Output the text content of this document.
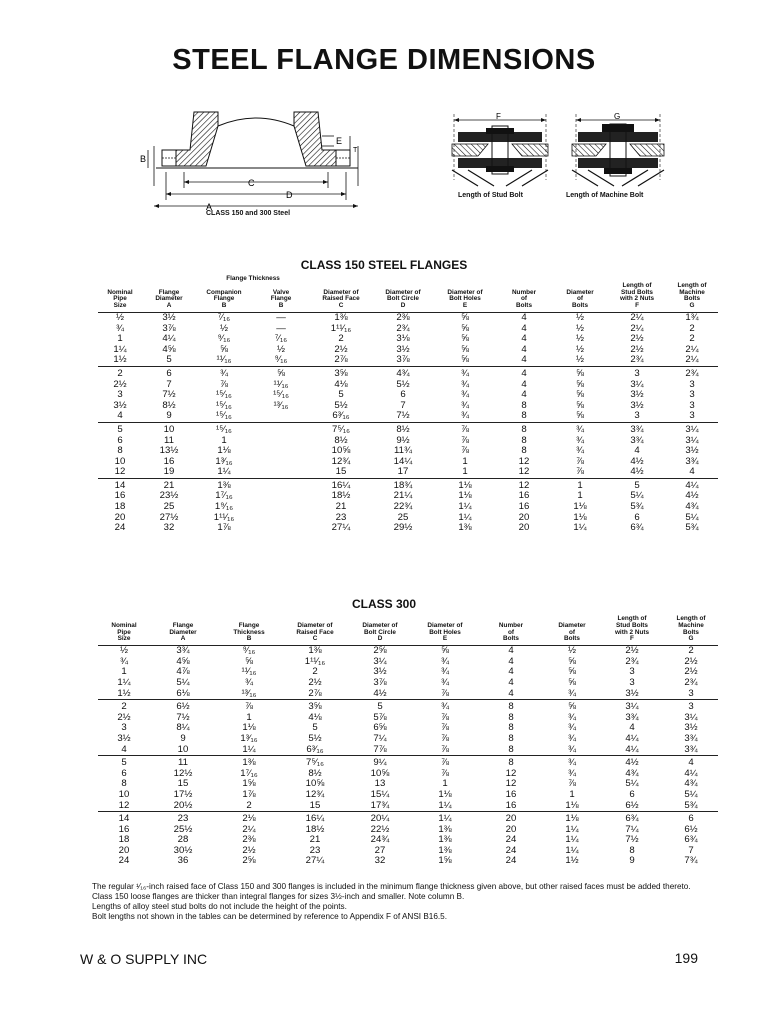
STEEL FLANGE DIMENSIONS
C
D
A
B
E
T
CLASS 150 and 300 Steel
F
Length of Stud Bolt
G
Length of Machine Bolt
CLASS 150 STEEL FLANGES
		Flange Thickness								
Nominal
Pipe
Size	Flange
Diameter
A	Companion
Flange
B	Valve
Flange
B	Diameter of
Raised Face
C	Diameter of
Bolt Circle
D	Diameter of
Bolt Holes
E	Number
of
Bolts	Diameter
of
Bolts	Length of
Stud Bolts
with 2 Nuts
F	Length of
Machine
Bolts
G
½	3½	⁷⁄₁₆	—	1⅜	2⅜	⅝	4	½	2¼	1¾
¾	3⅞	½	—	1¹¹⁄₁₆	2¾	⅝	4	½	2¼	2
1	4¼	⁹⁄₁₆	⁷⁄₁₆	2	3⅛	⅝	4	½	2½	2
1¼	4⅝	⅝	½	2½	3½	⅝	4	½	2½	2¼
1½	5	¹¹⁄₁₆	⁹⁄₁₆	2⅞	3⅞	⅝	4	½	2¾	2¼
2	6	¾	⅝	3⅝	4¾	¾	4	⅝	3	2¾
2½	7	⅞	¹¹⁄₁₆	4⅛	5½	¾	4	⅝	3¼	3
3	7½	¹⁵⁄₁₆	¹⁵⁄₁₆	5	6	¾	4	⅝	3½	3
3½	8½	¹⁵⁄₁₆	¹³⁄₁₆	5½	7	¾	8	⅝	3½	3
4	9	¹⁵⁄₁₆		6³⁄₁₆	7½	¾	8	⅝	3	3
5	10	¹⁵⁄₁₆		7⁵⁄₁₆	8½	⅞	8	¾	3¾	3¼
6	11	1		8½	9½	⅞	8	¾	3¾	3¼
8	13½	1⅛		10⅝	11¾	⅞	8	¾	4	3½
10	16	1³⁄₁₆		12¾	14¼	1	12	⅞	4½	3¾
12	19	1¼		15	17	1	12	⅞	4½	4
14	21	1⅜		16¼	18¾	1⅛	12	1	5	4¼
16	23½	1⁷⁄₁₆		18½	21¼	1⅛	16	1	5¼	4½
18	25	1⁹⁄₁₆		21	22¾	1¼	16	1⅛	5¾	4¾
20	27½	1¹¹⁄₁₆		23	25	1¼	20	1⅛	6	5¼
24	32	1⅞		27¼	29½	1⅜	20	1¼	6¾	5¾
CLASS 300
Nominal
Pipe
Size	Flange
Diameter
A	Flange
Thickness
B	Diameter of
Raised Face
C	Diameter of
Bolt Circle
D	Diameter of
Bolt Holes
E	Number
of
Bolts	Diameter
of
Bolts	Length of
Stud Bolts
with 2 Nuts
F	Length of
Machine
Bolts
G
½	3¾	⁹⁄₁₆	1⅜	2⅝	⅝	4	½	2½	2
¾	4⅝	⅝	1¹¹⁄₁₆	3¼	¾	4	⅝	2¾	2½
1	4⅞	¹¹⁄₁₆	2	3½	¾	4	⅝	3	2½
1¼	5¼	¾	2½	3⅞	¾	4	⅝	3	2¾
1½	6⅛	¹³⁄₁₆	2⅞	4½	⅞	4	¾	3½	3
2	6½	⅞	3⅝	5	¾	8	⅝	3¼	3
2½	7½	1	4⅛	5⅞	⅞	8	¾	3¾	3¼
3	8¼	1⅛	5	6⅝	⅞	8	¾	4	3½
3½	9	1³⁄₁₆	5½	7¼	⅞	8	¾	4¼	3¾
4	10	1¼	6³⁄₁₆	7⅞	⅞	8	¾	4¼	3¾
5	11	1⅜	7⁵⁄₁₆	9¼	⅞	8	¾	4½	4
6	12½	1⁷⁄₁₆	8½	10⅝	⅞	12	¾	4¾	4¼
8	15	1⅝	10⅝	13	1	12	⅞	5¼	4¾
10	17½	1⅞	12¾	15¼	1⅛	16	1	6	5¼
12	20½	2	15	17¾	1¼	16	1⅛	6½	5¾
14	23	2⅛	16¼	20¼	1¼	20	1⅛	6¾	6
16	25½	2¼	18½	22½	1⅜	20	1¼	7¼	6½
18	28	2⅜	21	24¾	1⅜	24	1¼	7½	6¾
20	30½	2½	23	27	1⅜	24	1¼	8	7
24	36	2⅝	27¼	32	1⅝	24	1½	9	7¾

The regular ¹⁄₁₆-inch raised face of Class 150 and 300 flanges is included in the minimum flange thickness given above, but other raised faces must be added thereto.

Class 150 loose flanges are thicker than integral flanges for sizes 3½-inch and smaller. Note column B.

Lengths of alloy steel stud bolts do not include the height of the points.

Bolt lengths not shown in the tables can be determined by reference to Appendix F of ANSI B16.5.

W & O SUPPLY INC	199
